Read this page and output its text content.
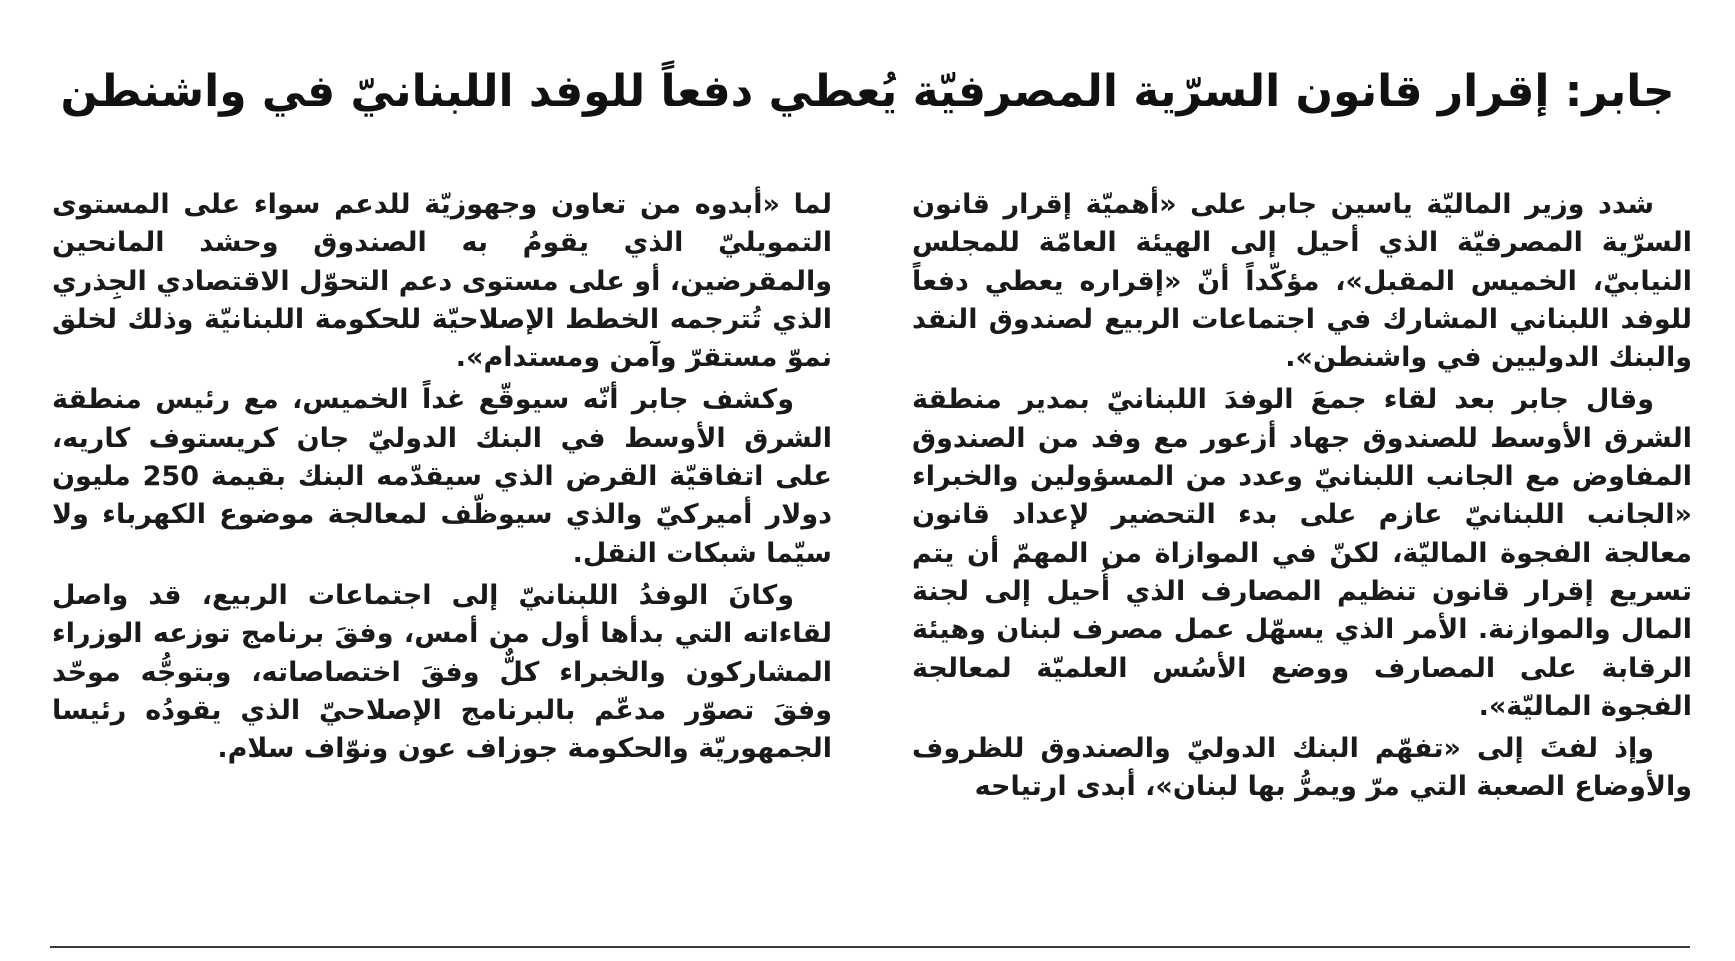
جابر: إقرار قانون السرّية المصرفيّة يُعطي دفعاً للوفد اللبنانيّ في واشنطن

شدد وزير الماليّة ياسين جابر على «أهميّة إقرار قانون السرّية المصرفيّة الذي أحيل إلى الهيئة العامّة للمجلس النيابيّ، الخميس المقبل»، مؤكّداً أنّ «إقراره يعطي دفعاً للوفد اللبناني المشارك في اجتماعات الربيع لصندوق النقد والبنك الدوليين في واشنطن».

وقال جابر بعد لقاء جمعَ الوفدَ اللبنانيّ بمدير منطقة الشرق الأوسط للصندوق جهاد أزعور مع وفد من الصندوق المفاوض مع الجانب اللبنانيّ وعدد من المسؤولين والخبراء «الجانب اللبنانيّ عازم على بدء التحضير لإعداد قانون معالجة الفجوة الماليّة، لكنّ في الموازاة من المهمّ أن يتم تسريع إقرار قانون تنظيم المصارف الذي أُحيل إلى لجنة المال والموازنة. الأمر الذي يسهّل عمل مصرف لبنان وهيئة الرقابة على المصارف ووضع الأسُس العلميّة لمعالجة الفجوة الماليّة».

وإذ لفتَ إلى «تفهّم البنك الدوليّ والصندوق للظروف والأوضاع الصعبة التي مرّ ويمرُّ بها لبنان»، أبدى ارتياحه

لما «أبدوه من تعاون وجهوزيّة للدعم سواء على المستوى التمويليّ الذي يقومُ به الصندوق وحشد المانحين والمقرضين، أو على مستوى دعم التحوّل الاقتصادي الجِذري الذي تُترجمه الخطط الإصلاحيّة للحكومة اللبنانيّة وذلك لخلق نموّ مستقرّ وآمن ومستدام».

وكشف جابر أنّه سيوقّع غداً الخميس، مع رئيس منطقة الشرق الأوسط في البنك الدوليّ جان كريستوف كاريه، على اتفاقيّة القرض الذي سيقدّمه البنك بقيمة 250 مليون دولار أميركيّ والذي سيوظّف لمعالجة موضوع الكهرباء ولا سيّما شبكات النقل.

وكانَ الوفدُ اللبنانيّ إلى اجتماعات الربيع، قد واصل لقاءاته التي بدأها أول من أمس، وفقَ برنامج توزعه الوزراء المشاركون والخبراء كلٌّ وفقَ اختصاصاته، وبتوجُّه موحّد وفقَ تصوّر مدعّم بالبرنامج الإصلاحيّ الذي يقودُه رئيسا الجمهوريّة والحكومة جوزاف عون ونوّاف سلام.
